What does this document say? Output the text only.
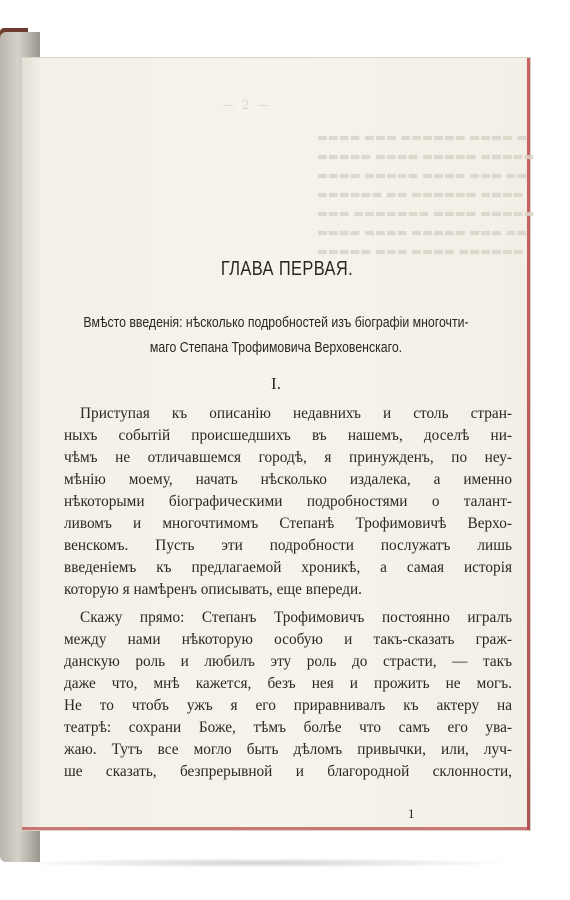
— 2 —
▬▬▬▬ ▬▬▬ ▬▬▬▬▬▬ ▬▬▬▬ ▬
▬▬▬▬▬ ▬▬▬▬ ▬▬▬▬▬ ▬▬▬▬▬
▬▬▬▬ ▬▬▬▬▬ ▬▬▬▬ ▬▬▬ ▬▬
▬▬▬▬▬▬ ▬▬ ▬▬▬▬▬▬ ▬▬▬▬
▬▬▬ ▬▬▬▬▬▬▬ ▬▬▬▬ ▬▬▬▬▬
▬▬▬▬ ▬▬▬▬ ▬▬▬▬▬ ▬▬▬ ▬▬
▬▬▬▬▬ ▬▬▬ ▬▬▬▬ ▬▬▬▬▬▬
ГЛАВА ПЕРВАЯ.
Вмѣсто введенія: нѣсколько подробностей изъ біографіи многочти-
маго Степана Трофимовича Верховенскаго.
I.
Приступая къ описанію недавнихъ и столь стран-
ныхъ событій происшедшихъ въ нашемъ, доселѣ ни-
чѣмъ не отличавшемся городѣ, я принужденъ, по неу-
мѣнію моему, начать нѣсколько издалека, а именно
нѣкоторыми біографическими подробностями о талант-
ливомъ и многочтимомъ Степанѣ Трофимовичѣ Верхо-
венскомъ. Пусть эти подробности послужатъ лишь
введеніемъ къ предлагаемой хроникѣ, а самая исторія
которую я намѣренъ описывать, еще впереди.
Скажу прямо: Степанъ Трофимовичъ постоянно игралъ
между нами нѣкоторую особую и такъ-сказать граж-
данскую роль и любилъ эту роль до страсти, — такъ
даже что, мнѣ кажется, безъ нея и прожить не могъ.
Не то чтобъ ужъ я его приравнивалъ къ актеру на
театрѣ: сохрани Боже, тѣмъ болѣе что самъ его ува-
жаю. Тутъ все могло быть дѣломъ привычки, или, луч-
ше сказать, безпрерывной и благородной склонности,
1
